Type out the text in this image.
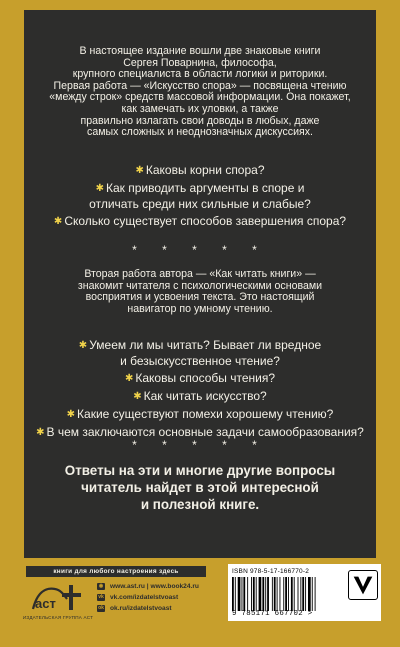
В настоящее издание вошли две знаковые книги

Сергея Поварнина, философа,

крупного специалиста в области логики и риторики.

Первая работа — «Искусство спора» — посвящена чтению

«между строк» средств массовой информации. Она покажет,

как замечать их уловки, а также

правильно излагать свои доводы в любых, даже

самых сложных и неоднозначных дискуссиях.

✱ Каковы корни спора?
✱ Как приводить аргументы в споре и отличать среди них сильные и слабые?
✱ Сколько существует способов завершения спора?
* * * * *

Вторая работа автора — «Как читать книги» —

знакомит читателя с психологическими основами

восприятия и усвоения текста. Это настоящий

навигатор по умному чтению.

✱ Умеем ли мы читать? Бывает ли вредное и безыскусственное чтение?
✱ Каковы способы чтения?
✱ Как читать искусство?
✱ Какие существуют помехи хорошему чтению?
✱ В чем заключаются основные задачи самообразования?
* * * * *

Ответы на эти и многие другие вопросы

читатель найдет в этой интересной

и полезной книге.

книги для любого настроения здесь
аст
ИЗДАТЕЛЬСКАЯ ГРУППА АСТ
◉ www.ast.ru | www.book24.ru
vk vk.com/izdatelstvoast
ok ok.ru/izdatelstvoast
ISBN 978-5-17-166770-2
9 785171 667702 >
